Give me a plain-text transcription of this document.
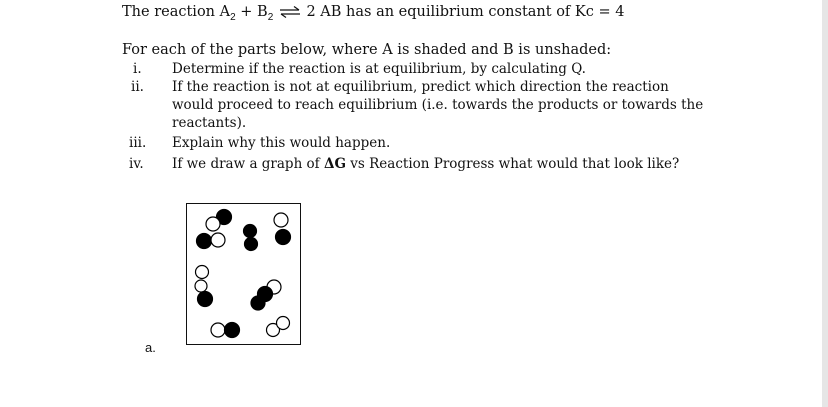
The reaction $A_2 + B_2$ ⇌ 2 AB has an equilibrium constant of Kc = 4
For each of the parts below, where A is shaded and B is unshaded:
i. Determine if the reaction is at equilibrium, by calculating Q.
ii. If the reaction is not at equilibrium, predict which direction the reaction
would proceed to reach equilibrium (i.e. towards the products or towards the
reactants).
iii. Explain why this would happen.
iv. If we draw a graph of ΔG vs Reaction Progress what would that look like?
a.
